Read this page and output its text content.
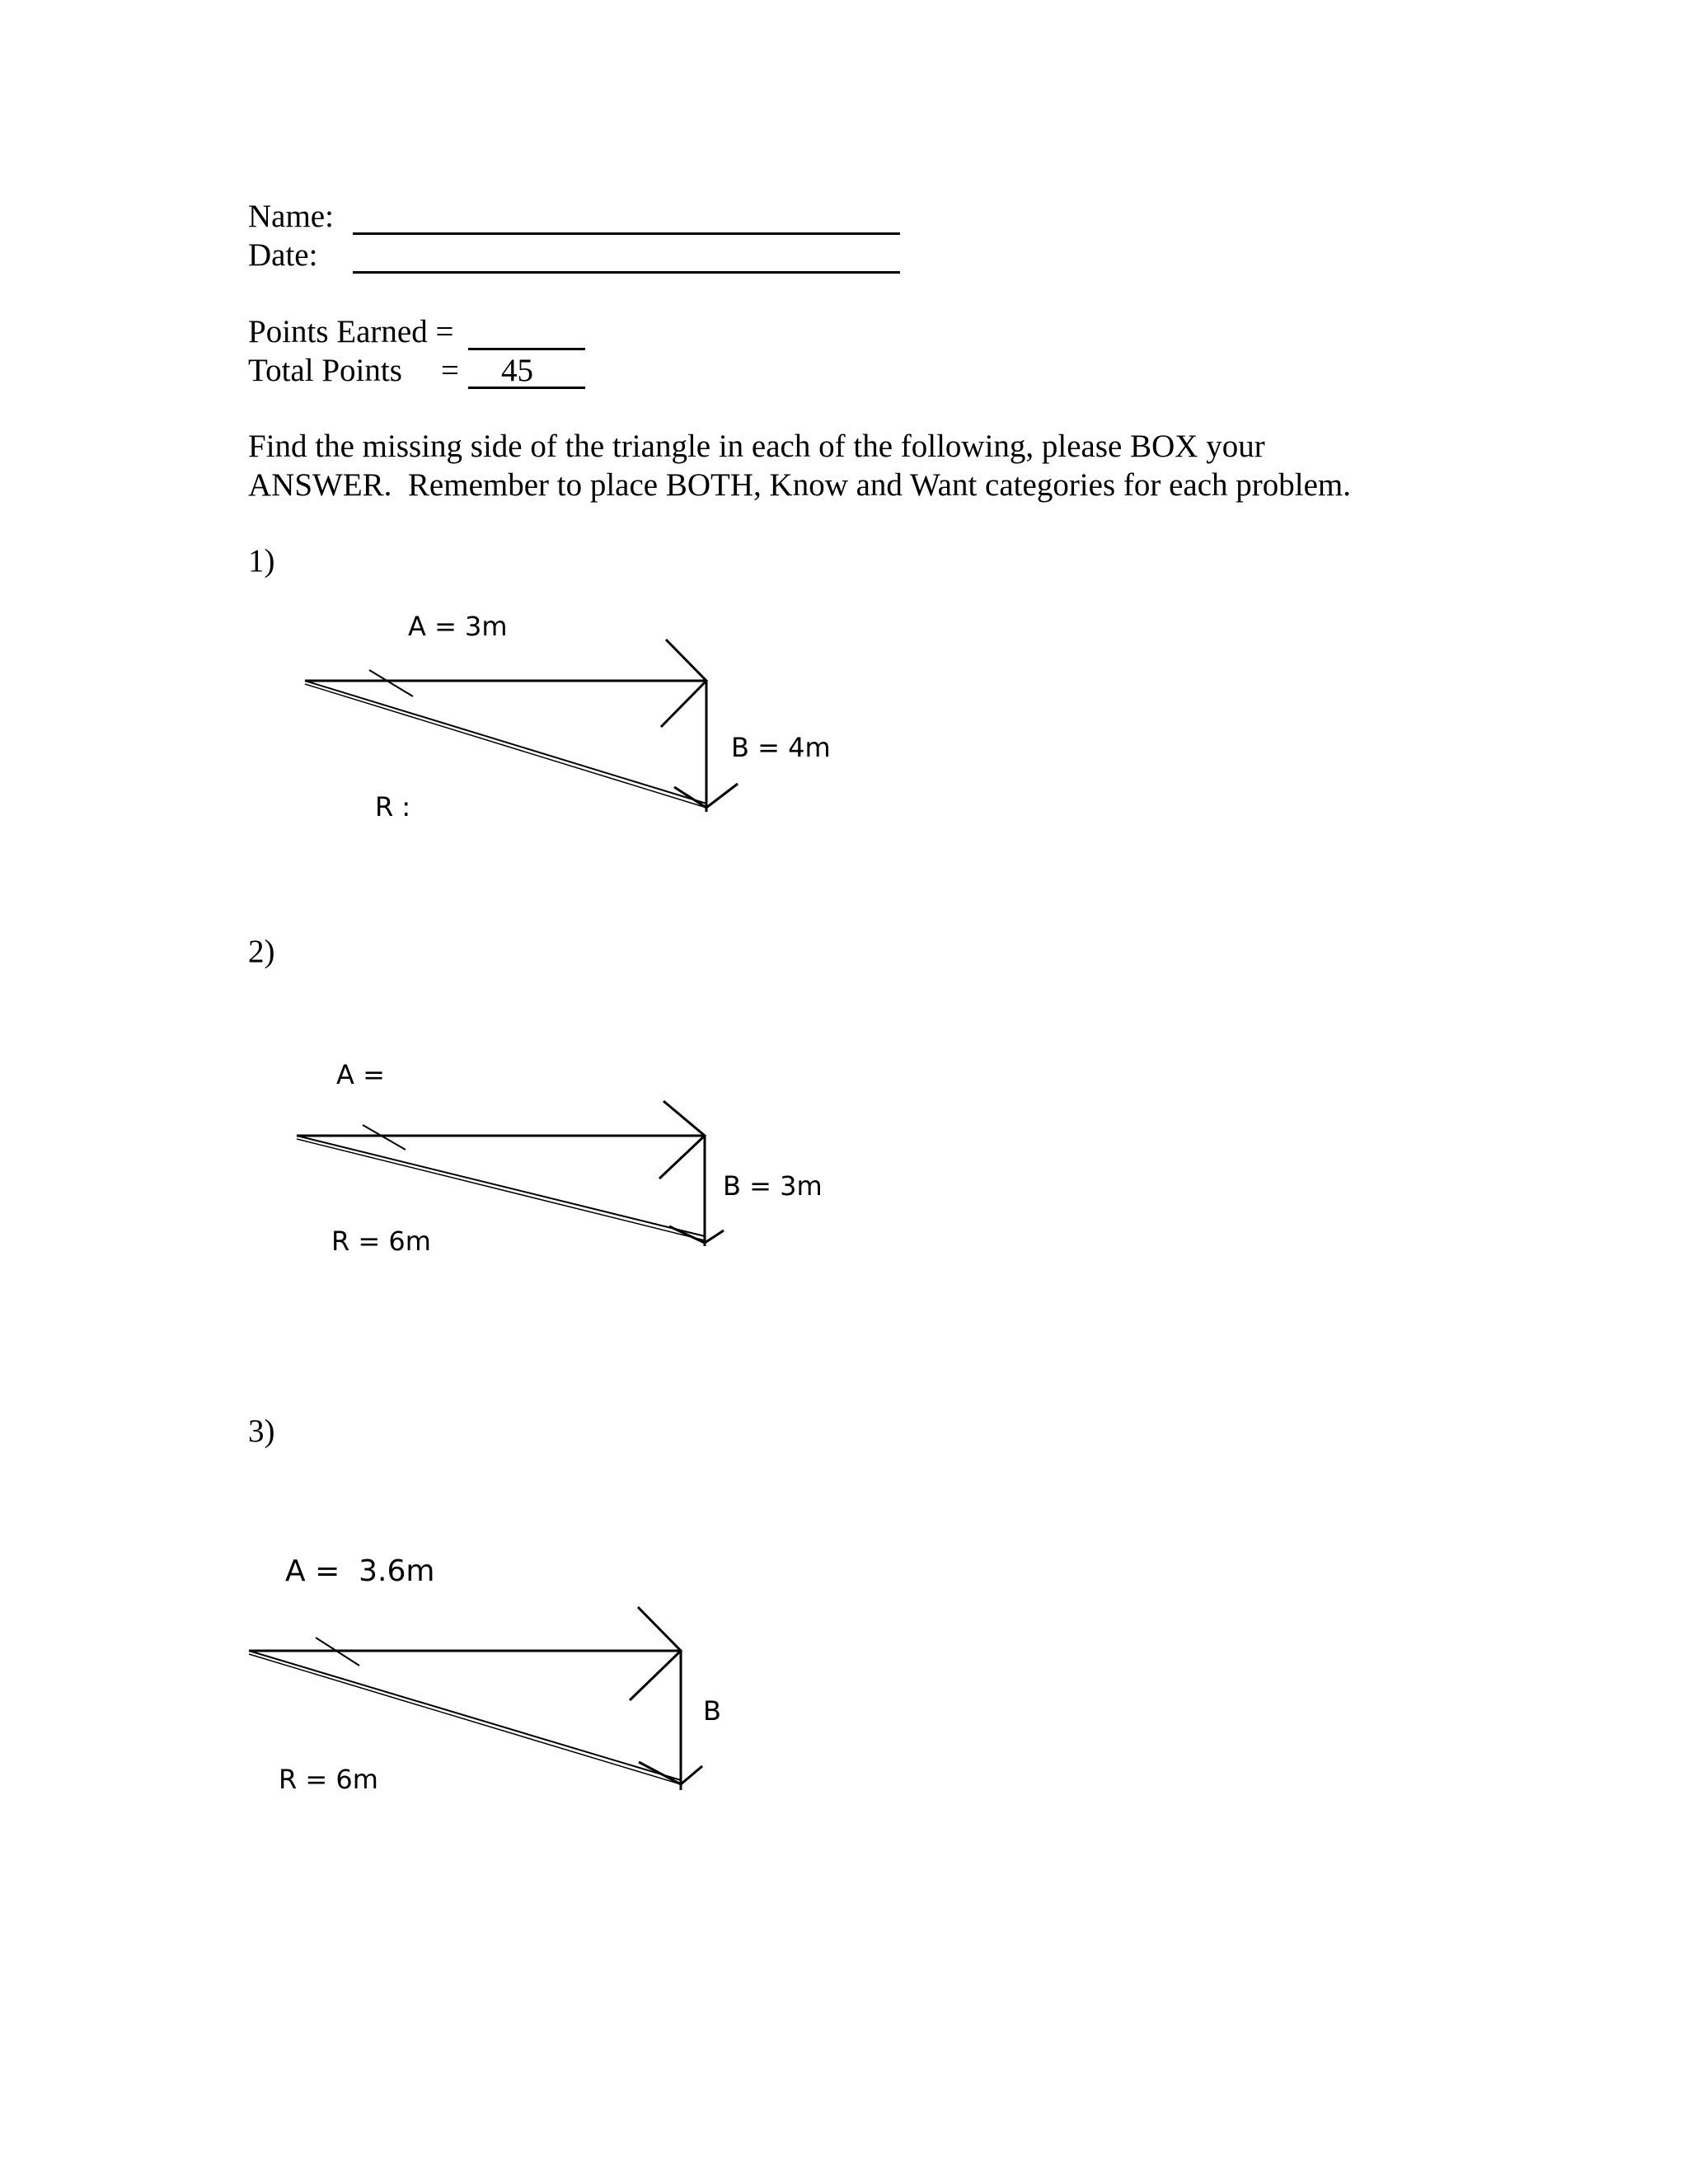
Name:
Date:
Points Earned =
Total Points = 45
Find the missing side of the triangle in each of the following, please BOX your
ANSWER.  Remember to place BOTH, Know and Want categories for each problem.
1)
2)
3)
A = 3m
B = 4m
R :
A =
B = 3m
R = 6m
A =  3.6m
B
R = 6m
